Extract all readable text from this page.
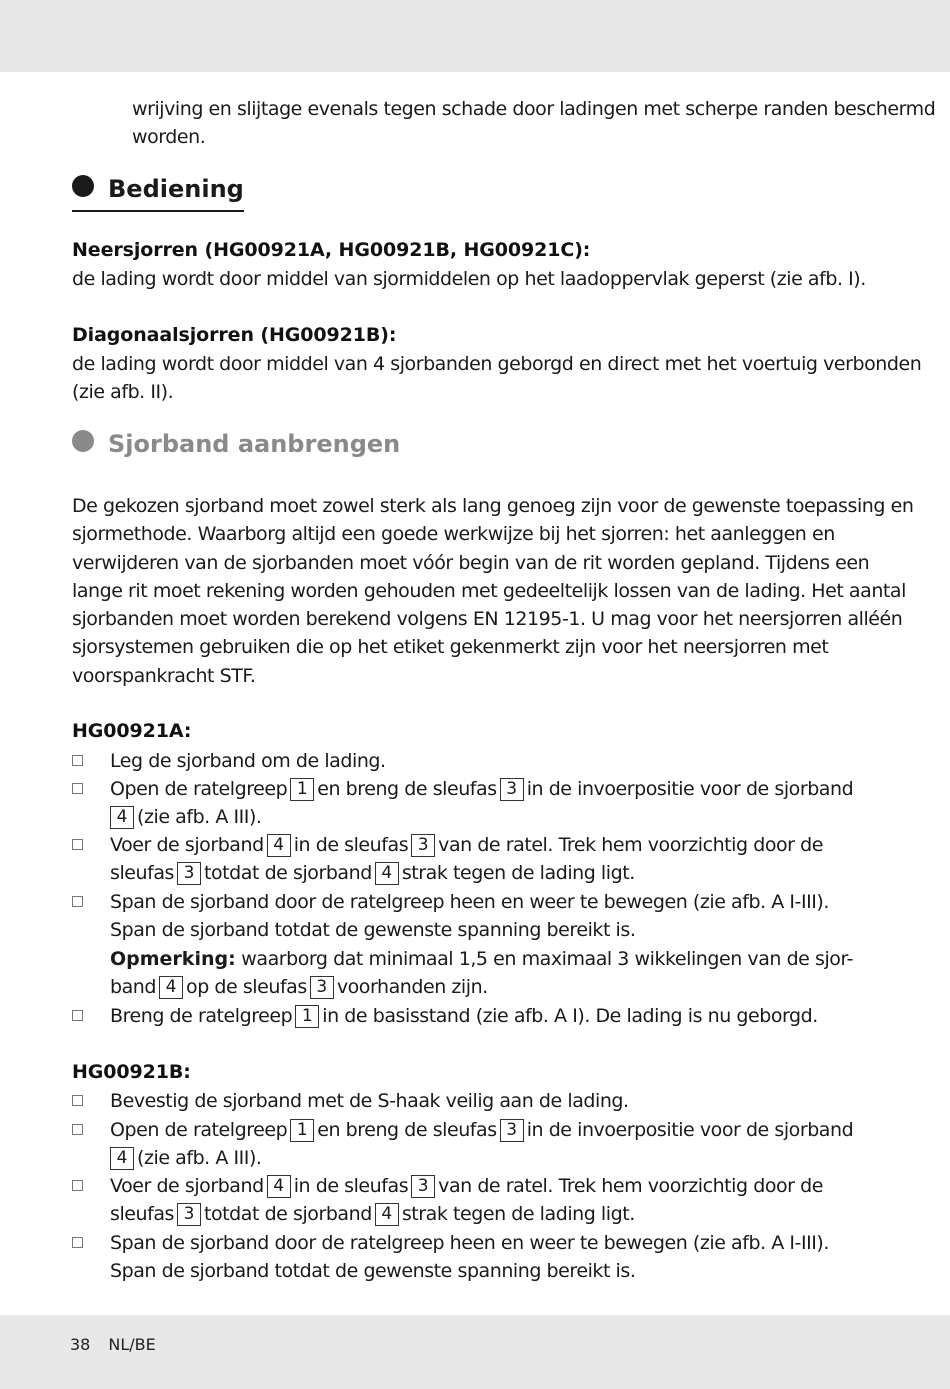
wrijving en slijtage evenals tegen schade door ladingen met scherpe randen beschermd
worden.
Bediening
Neersjorren (HG00921A, HG00921B, HG00921C):
de lading wordt door middel van sjormiddelen op het laadoppervlak geperst (zie afb. I).
Diagonaalsjorren (HG00921B):
de lading wordt door middel van 4 sjorbanden geborgd en direct met het voertuig verbonden
(zie afb. II).
Sjorband aanbrengen
De gekozen sjorband moet zowel sterk als lang genoeg zijn voor de gewenste toepassing en
sjormethode. Waarborg altijd een goede werkwijze bij het sjorren: het aanleggen en
verwijderen van de sjorbanden moet vóór begin van de rit worden gepland. Tijdens een
lange rit moet rekening worden gehouden met gedeeltelijk lossen van de lading. Het aantal
sjorbanden moet worden berekend volgens EN 12195-1. U mag voor het neersjorren alléén
sjorsystemen gebruiken die op het etiket gekenmerkt zijn voor het neersjorren met
voorspankracht STF.
HG00921A:
Leg de sjorband om de lading.
Open de ratelgreep 1 en breng de sleufas 3 in de invoerpositie voor de sjorband
4 (zie afb. A III).
Voer de sjorband 4 in de sleufas 3 van de ratel. Trek hem voorzichtig door de
sleufas 3 totdat de sjorband 4 strak tegen de lading ligt.
Span de sjorband door de ratelgreep heen en weer te bewegen (zie afb. A I-III).
Span de sjorband totdat de gewenste spanning bereikt is.
Opmerking: waarborg dat minimaal 1,5 en maximaal 3 wikkelingen van de sjor-
band 4 op de sleufas 3 voorhanden zijn.
Breng de ratelgreep 1 in de basisstand (zie afb. A I). De lading is nu geborgd.
HG00921B:
Bevestig de sjorband met de S-haak veilig aan de lading.
Open de ratelgreep 1 en breng de sleufas 3 in de invoerpositie voor de sjorband
4 (zie afb. A III).
Voer de sjorband 4 in de sleufas 3 van de ratel. Trek hem voorzichtig door de
sleufas 3 totdat de sjorband 4 strak tegen de lading ligt.
Span de sjorband door de ratelgreep heen en weer te bewegen (zie afb. A I-III).
Span de sjorband totdat de gewenste spanning bereikt is.
38 NL/BE
